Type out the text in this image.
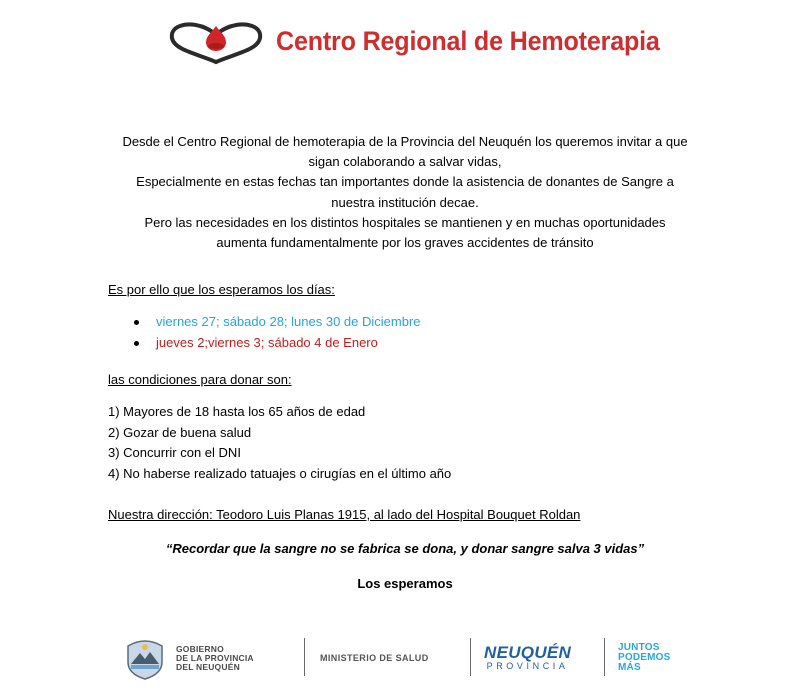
Centro Regional de Hemoterapia
Desde el Centro Regional de hemoterapia de la Provincia del Neuquén los queremos invitar a que
sigan colaborando a salvar vidas,
Especialmente en estas fechas tan importantes donde la asistencia de donantes de Sangre a
nuestra institución decae.
Pero las necesidades en los distintos hospitales se mantienen y en muchas oportunidades
aumenta fundamentalmente por los graves accidentes de tránsito
Es por ello que los esperamos los días:
viernes 27; sábado 28; lunes 30 de Diciembre
jueves 2;viernes 3; sábado 4 de Enero
las condiciones para donar son:
1) Mayores de 18 hasta los 65 años de edad
2) Gozar de buena salud
3) Concurrir con el DNI
4) No haberse realizado tatuajes o cirugías en el último año
Nuestra dirección: Teodoro Luis Planas 1915, al lado del Hospital Bouquet Roldan
“Recordar que la sangre no se fabrica se dona, y donar sangre salva 3 vidas”
Los esperamos
GOBIERNO
DE LA PROVINCIA
DEL NEUQUÉN
MINISTERIO DE SALUD	NEUQUÉN
PROVINCIA
JUNTOS
PODEMOS
MÁS
